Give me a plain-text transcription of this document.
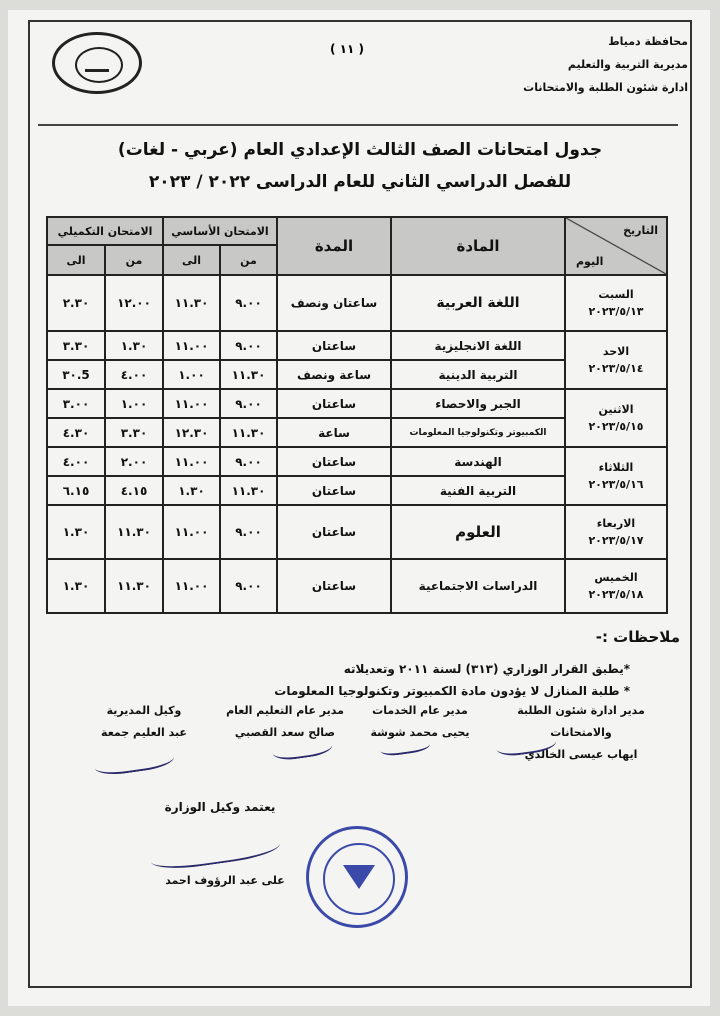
محافظة دمياط
مديرية التربية والتعليم
ادارة شئون الطلبة والامتحانات
( ١١ )
جدول امتحانات الصف الثالث الإعدادي العام (عربي - لغات)
للفصل الدراسي الثاني للعام الدراسى ٢٠٢٢ / ٢٠٢٣
التاريخ
اليوم	المادة	المدة	الامتحان الأساسي		الامتحان التكميلي	
			من	الى	من	الى

السبت
٢٠٢٣/٥/١٣	اللغة العربية	ساعتان ونصف	٩.٠٠	١١.٣٠	١٢.٠٠	٢.٣٠

الاحد
٢٠٢٣/٥/١٤	اللغة الانجليزية	ساعتان	٩.٠٠	١١.٠٠	١.٣٠	٣.٣٠
	التربية الدينية	ساعة ونصف	١١.٣٠	١.٠٠	٤.٠٠	5.٣٠

الاثنين
٢٠٢٣/٥/١٥	الجبر والاحصاء	ساعتان	٩.٠٠	١١.٠٠	١.٠٠	٣.٠٠
	الكمبيوتر وتكنولوجيا المعلومات	ساعة	١١.٣٠	١٢.٣٠	٣.٣٠	٤.٣٠

الثلاثاء
٢٠٢٣/٥/١٦	الهندسة	ساعتان	٩.٠٠	١١.٠٠	٢.٠٠	٤.٠٠
	التربية الفنية	ساعتان	١١.٣٠	١.٣٠	٤.١٥	٦.١٥

الاربعاء
٢٠٢٣/٥/١٧	العلوم	ساعتان	٩.٠٠	١١.٠٠	١١.٣٠	١.٣٠

الخميس
٢٠٢٣/٥/١٨	الدراسات الاجتماعية	ساعتان	٩.٠٠	١١.٠٠	١١.٣٠	١.٣٠
ملاحظات :-
*يطبق القرار الوزاري (٣١٣) لسنة ٢٠١١ وتعديلاته
* طلبة المنازل لا يؤدون مادة الكمبيوتر وتكنولوجيا المعلومات
مدير ادارة شئون الطلبة والامتحانات
ايهاب عيسى الخالدي
مدير عام الخدمات
يحيى محمد شوشة
مدير عام التعليم العام
صالح سعد القصبي
وكيل المديرية
عبد العليم جمعة
يعتمد وكيل الوزارة
على عبد الرؤوف احمد
